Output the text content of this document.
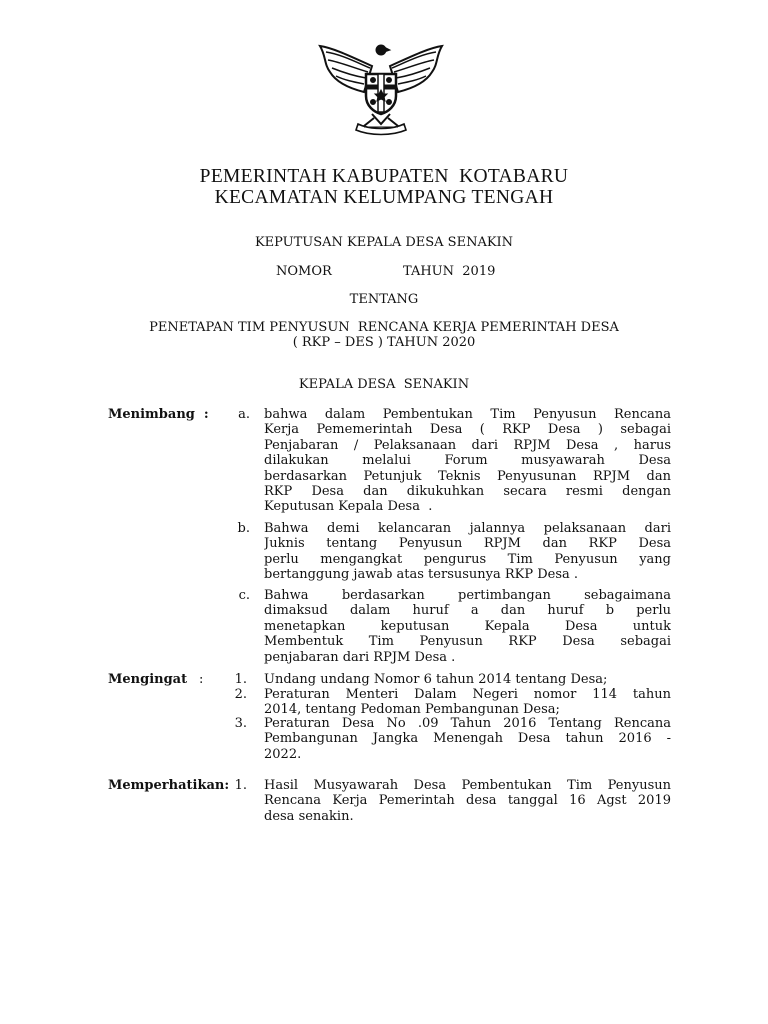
PEMERINTAH KABUPATEN  KOTABARU
KECAMATAN KELUMPANG TENGAH
KEPUTUSAN KEPALA DESA SENAKIN
NOMOR	TAHUN  2019
TENTANG
PENETAPAN TIM PENYUSUN  RENCANA KERJA PEMERINTAH DESA
( RKP – DES ) TAHUN 2020
KEPALA DESA  SENAKIN
Menimbang  :	a. bahwa dalam Pembentukan Tim Penyusun Rencana
Kerja Pememerintah Desa ( RKP Desa ) sebagai
Penjabaran / Pelaksanaan dari RPJM Desa , harus
dilakukan melalui Forum musyawarah Desa
berdasarkan Petunjuk Teknis Penyusunan RPJM dan
RKP Desa dan dikukuhkan secara resmi dengan
Keputusan Kepala Desa  .
b. Bahwa demi kelancaran jalannya pelaksanaan dari
Juknis tentang Penyusun RPJM dan RKP Desa
perlu mengangkat pengurus Tim Penyusun yang
bertanggung jawab atas tersusunya RKP Desa .
c. Bahwa berdasarkan pertimbangan sebagaimana
dimaksud dalam huruf a dan huruf b perlu
menetapkan keputusan Kepala Desa untuk
Membentuk Tim Penyusun RKP Desa sebagai
penjabaran dari RPJM Desa .
Mengingat :	1. Undang undang Nomor 6 tahun 2014 tentang Desa;
2. Peraturan Menteri Dalam Negeri nomor 114 tahun
2014, tentang Pedoman Pembangunan Desa;
3. Peraturan Desa No .09 Tahun 2016 Tentang Rencana
Pembangunan Jangka Menengah Desa tahun 2016 -
2022.
Memperhatikan: 1. Hasil Musyawarah Desa Pembentukan Tim Penyusun
Rencana Kerja Pemerintah desa tanggal 16 Agst 2019
desa senakin.
